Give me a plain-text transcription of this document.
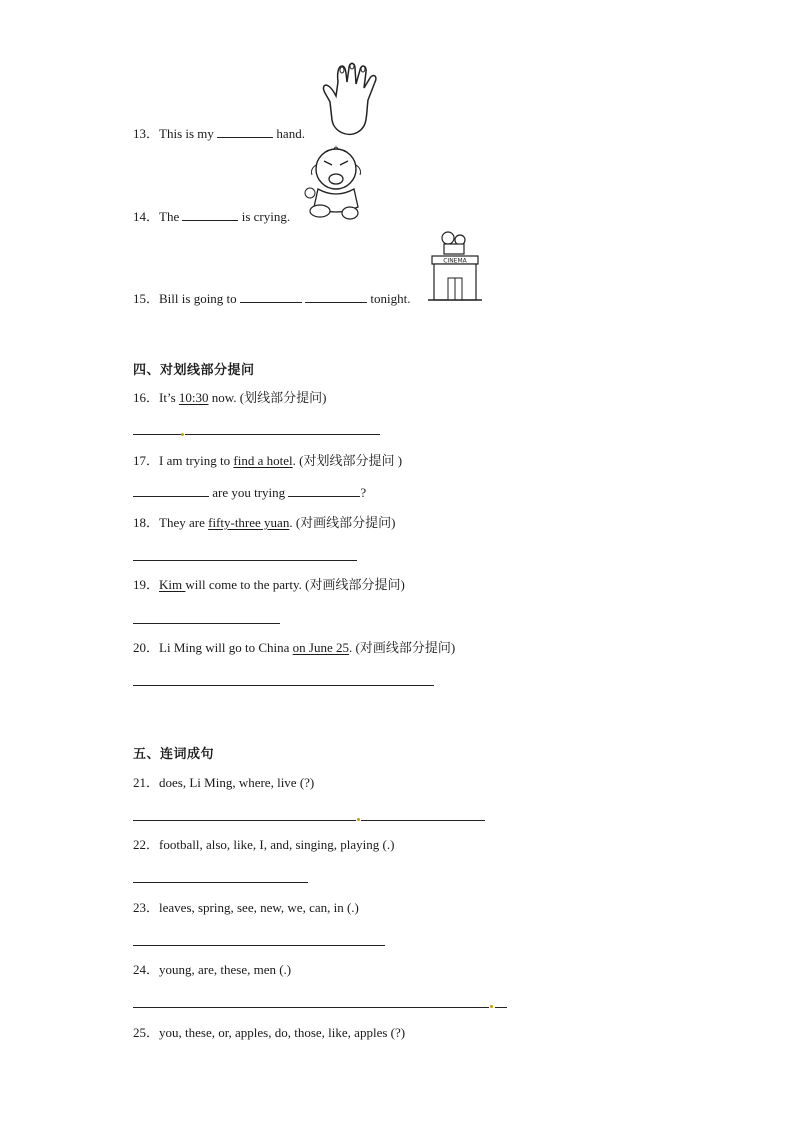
CINEMA
13．This is my	hand.
14．The	is crying.
15．Bill is going to	tonight.
四、对划线部分提问
16．It’s 10:30 now. (划线部分提问)
17．I am trying to find a hotel. (对划线部分提问 )
are you trying	?
18．They are fifty-three yuan. (对画线部分提问)
19．Kim will come to the party. (对画线部分提问)
20．Li Ming will go to China on June 25. (对画线部分提问)
五、连词成句
21．does, Li Ming, where, live (?)
22．football, also, like, I, and, singing, playing (.)
23．leaves, spring, see, new, we, can, in (.)
24．young, are, these, men (.)
25．you, these, or, apples, do, those, like, apples (?)
